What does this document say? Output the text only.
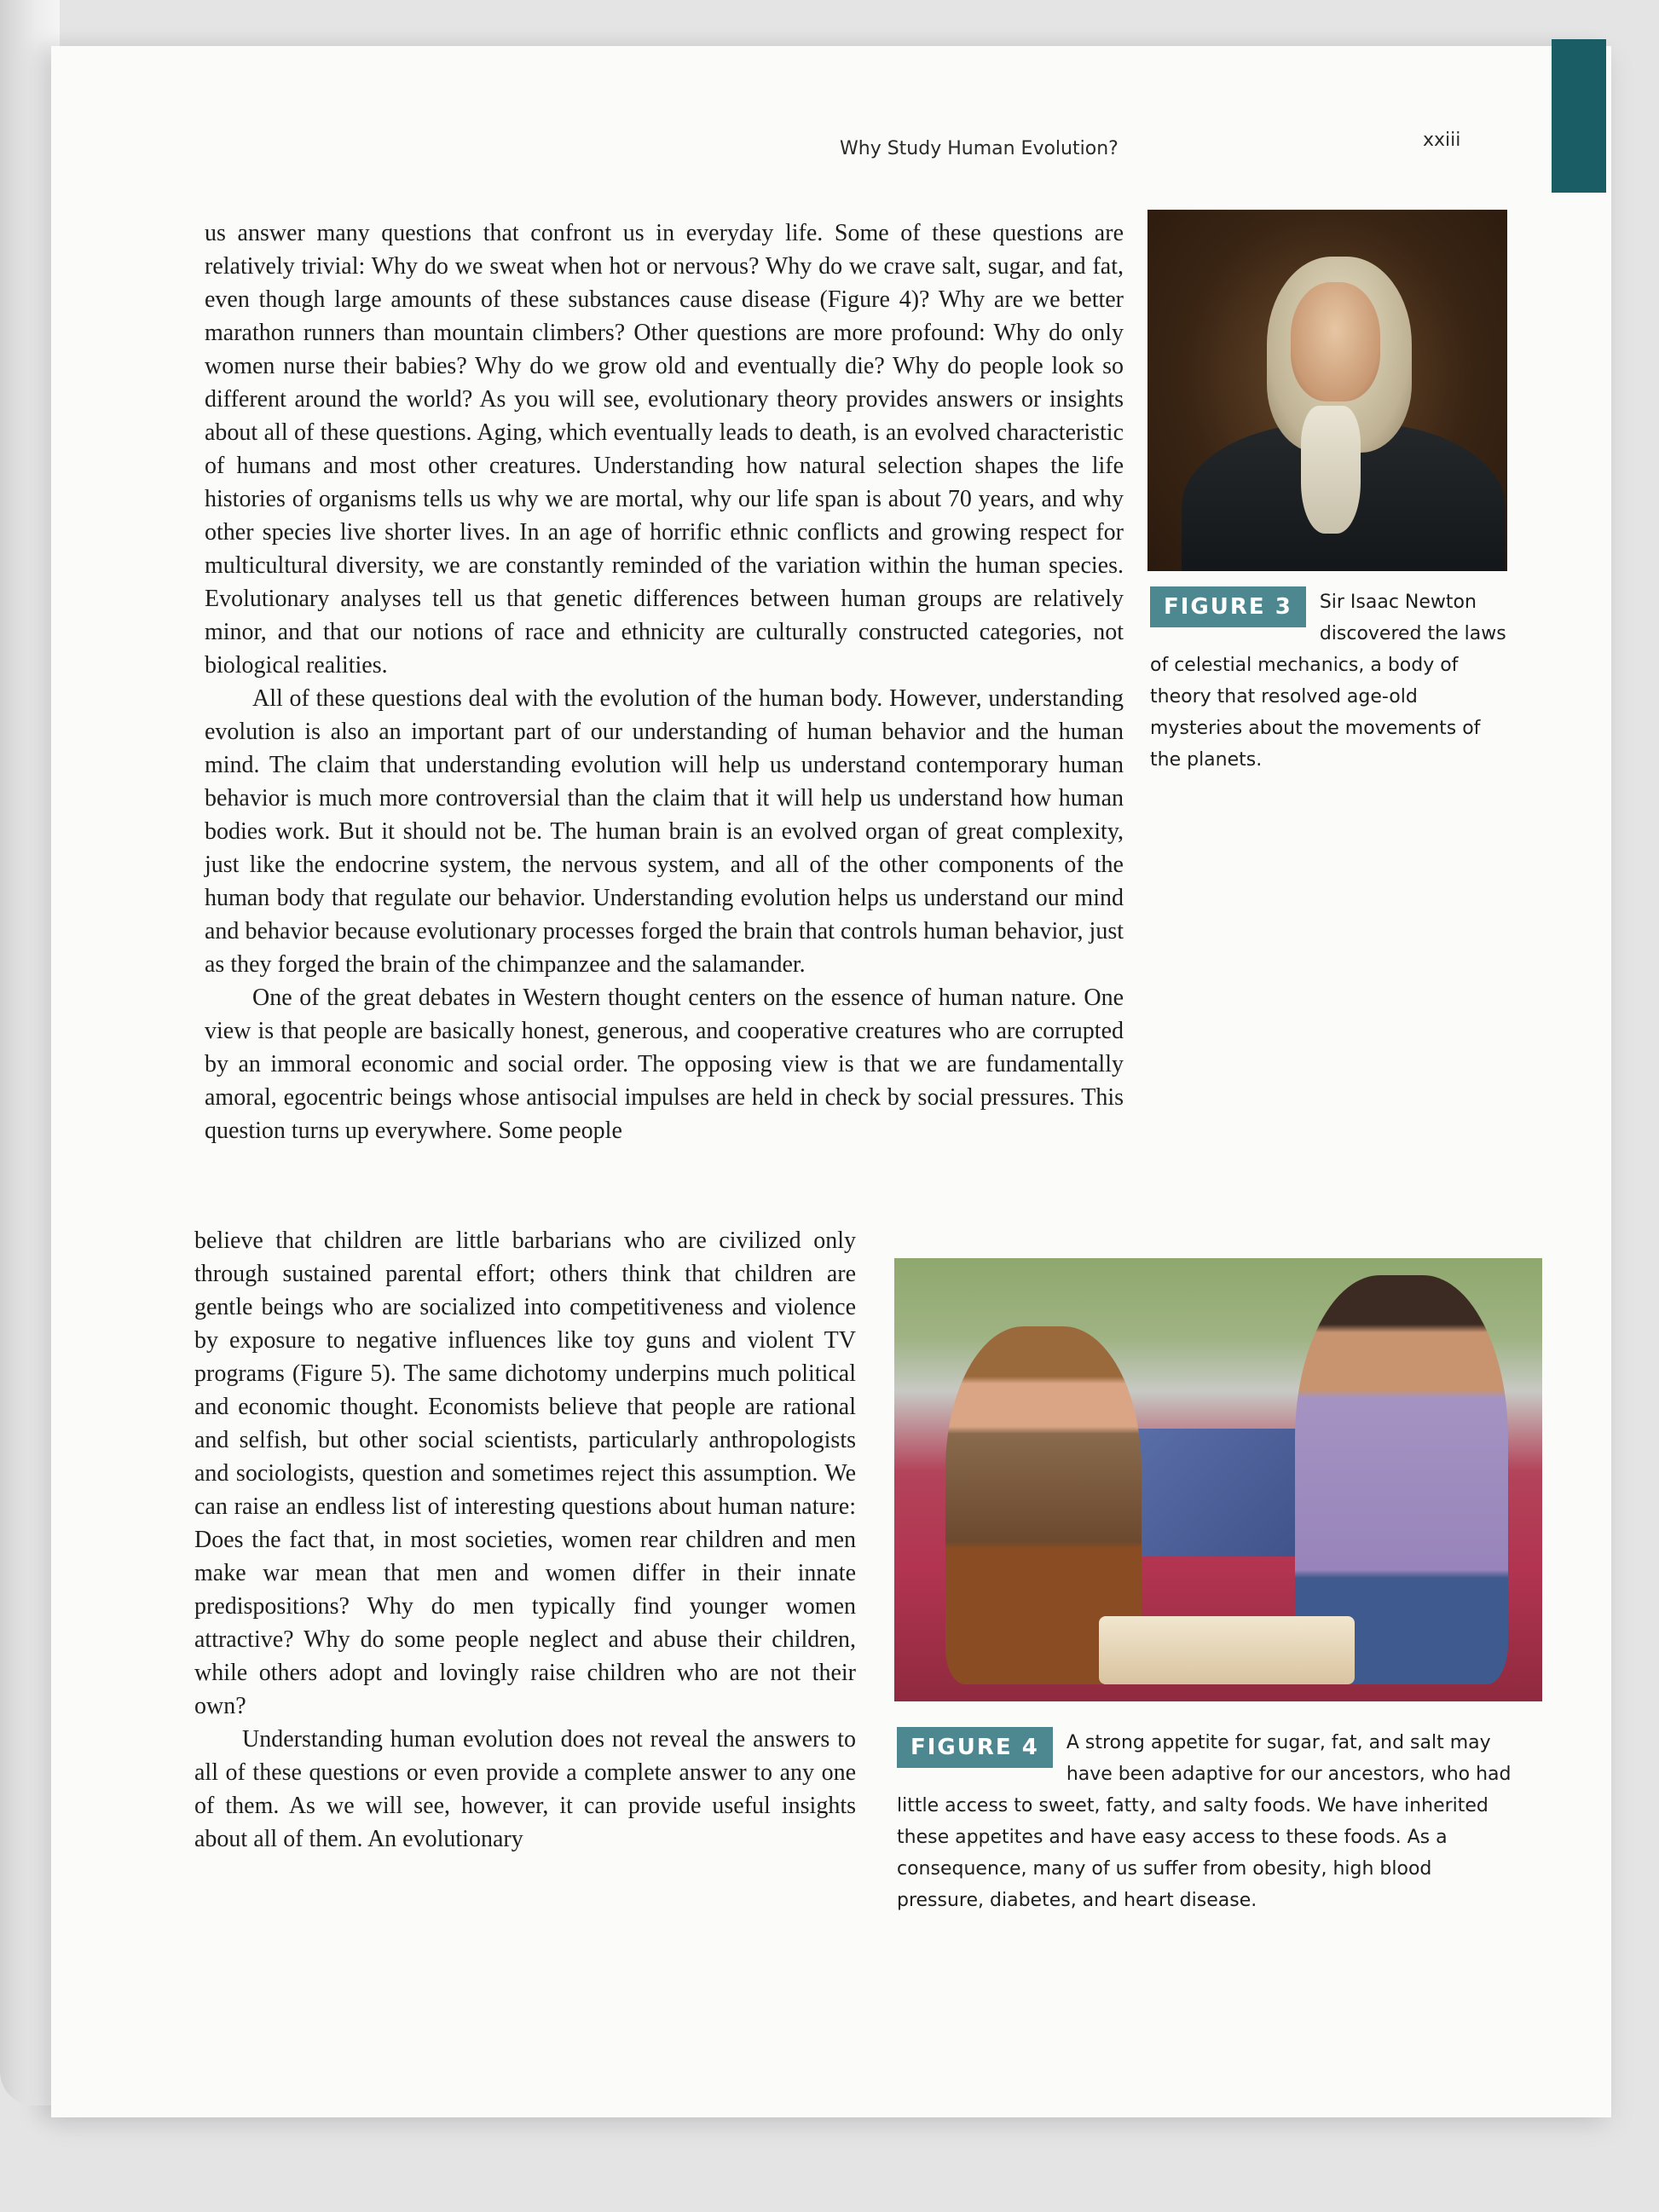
Why Study Human Evolution?	xxiii

us answer many questions that confront us in everyday life. Some of these questions are relatively trivial: Why do we sweat when hot or nervous? Why do we crave salt, sugar, and fat, even though large amounts of these substances cause disease (Figure 4)? Why are we better marathon runners than mountain climbers? Other questions are more profound: Why do only women nurse their babies? Why do we grow old and eventually die? Why do people look so different around the world? As you will see, evolutionary theory provides answers or insights about all of these questions. Aging, which eventually leads to death, is an evolved characteristic of humans and most other creatures. Understanding how natural selection shapes the life histories of organisms tells us why we are mortal, why our life span is about 70 years, and why other species live shorter lives. In an age of horrific ethnic conflicts and growing respect for multicultural diversity, we are constantly reminded of the variation within the human species. Evolutionary analyses tell us that genetic differences between human groups are relatively minor, and that our notions of race and ethnicity are culturally constructed categories, not biological realities.

All of these questions deal with the evolution of the human body. However, understanding evolution is also an important part of our understanding of human behavior and the human mind. The claim that understanding evolution will help us understand contemporary human behavior is much more controversial than the claim that it will help us understand how human bodies work. But it should not be. The human brain is an evolved organ of great complexity, just like the endocrine system, the nervous system, and all of the other components of the human body that regulate our behavior. Understanding evolution helps us understand our mind and behavior because evolutionary processes forged the brain that controls human behavior, just as they forged the brain of the chimpanzee and the salamander.

One of the great debates in Western thought centers on the essence of human nature. One view is that people are basically honest, generous, and cooperative creatures who are corrupted by an immoral economic and social order. The opposing view is that we are fundamentally amoral, egocentric beings whose antisocial impulses are held in check by social pressures. This question turns up everywhere. Some people

believe that children are little barbarians who are civilized only through sustained parental effort; others think that children are gentle beings who are socialized into competitiveness and violence by exposure to negative influences like toy guns and violent TV programs (Figure 5). The same dichotomy underpins much political and economic thought. Economists believe that people are rational and selfish, but other social scientists, particularly anthropologists and sociologists, question and sometimes reject this assumption. We can raise an endless list of interesting questions about human nature: Does the fact that, in most societies, women rear children and men make war mean that men and women differ in their innate predispositions? Why do men typically find younger women attractive? Why do some people neglect and abuse their children, while others adopt and lovingly raise children who are not their own?

Understanding human evolution does not reveal the answers to all of these questions or even provide a complete answer to any one of them. As we will see, however, it can provide useful insights about all of them. An evolutionary

FIGURE 3	Sir Isaac Newton discovered the laws of celestial mechanics, a body of theory that resolved age-old mysteries about the movements of the planets.
FIGURE 4	A strong appetite for sugar, fat, and salt may have been adaptive for our ancestors, who had little access to sweet, fatty, and salty foods. We have inherited these appetites and have easy access to these foods. As a consequence, many of us suffer from obesity, high blood pressure, diabetes, and heart disease.
